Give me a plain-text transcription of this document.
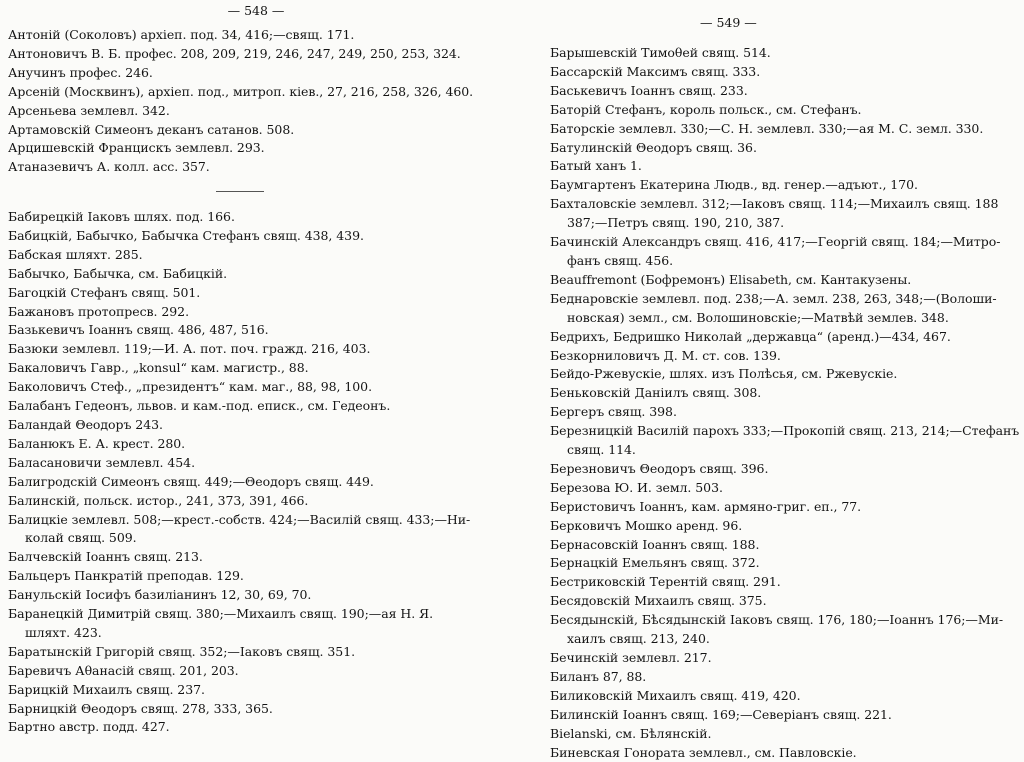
— 548 —
Антоній (Соколовъ) архіеп. под. 34, 416;—свящ. 171.
Антоновичъ В. Б. профес. 208, 209, 219, 246, 247, 249, 250, 253, 324.
Анучинъ профес. 246.
Арсеній (Москвинъ), архіеп. под., митроп. кіев., 27, 216, 258, 326, 460.
Арсеньева землевл. 342.
Артамовскій Симеонъ деканъ сатанов. 508.
Арцишевскій Францискъ землевл. 293.
Атаназевичъ А. колл. асс. 357.
Бабирецкій Іаковъ шлях. под. 166.
Бабицкій, Бабычко, Бабычка Стефанъ свящ. 438, 439.
Бабская шляхт. 285.
Бабычко, Бабычка, см. Бабицкій.
Багоцкій Стефанъ свящ. 501.
Бажановъ протопресв. 292.
Базькевичъ Іоаннъ свящ. 486, 487, 516.
Базюки землевл. 119;—И. А. пот. поч. гражд. 216, 403.
Бакаловичъ Гавр., „konsul“ кам. магистр., 88.
Баколовичъ Стеф., „президентъ“ кам. маг., 88, 98, 100.
Балабанъ Гедеонъ, львов. и кам.-под. еписк., см. Гедеонъ.
Баландай Θеодоръ 243.
Баланюкъ Е. А. крест. 280.
Баласановичи землевл. 454.
Балигродскій Симеонъ свящ. 449;—Θеодоръ свящ. 449.
Балинскій, польск. истор., 241, 373, 391, 466.
Балицкіе землевл. 508;—крест.-собств. 424;—Василій свящ. 433;—Ни-
колай свящ. 509.
Балчевскій Іоаннъ свящ. 213.
Бальцеръ Панкратій преподав. 129.
Банульскій Іосифъ базиліанинъ 12, 30, 69, 70.
Баранецкій Димитрій свящ. 380;—Михаилъ свящ. 190;—ая Н. Я.
шляхт. 423.
Баратынскій Григорій свящ. 352;—Іаковъ свящ. 351.
Баревичъ Аθанасій свящ. 201, 203.
Барицкій Михаилъ свящ. 237.
Барницкій Θеодоръ свящ. 278, 333, 365.
Бартно австр. подд. 427.
— 549 —
Барышевскій Тимоθей свящ. 514.
Бассарскій Максимъ свящ. 333.
Баськевичъ Іоаннъ свящ. 233.
Баторій Стефанъ, король польск., см. Стефанъ.
Баторскіе землевл. 330;—С. Н. землевл. 330;—ая М. С. земл. 330.
Батулинскій Θеодоръ свящ. 36.
Батый ханъ 1.
Баумгартенъ Екатерина Людв., вд. генер.—адъют., 170.
Бахталовскіе землевл. 312;—Іаковъ свящ. 114;—Михаилъ свящ. 188
387;—Петръ свящ. 190, 210, 387.
Бачинскій Александръ свящ. 416, 417;—Георгій свящ. 184;—Митро-
фанъ свящ. 456.
Beauffremont (Бофремонъ) Elisabeth, см. Кантакузены.
Беднаровскіе землевл. под. 238;—А. земл. 238, 263, 348;—(Волоши-
новская) земл., см. Волошиновскіе;—Матвѣй землев. 348.
Бедрихъ, Бедришко Николай „державца“ (аренд.)—434, 467.
Безкорниловичъ Д. М. ст. сов. 139.
Бейдо-Ржевускіе, шлях. изъ Полѣсья, см. Ржевускіе.
Беньковскій Даніилъ свящ. 308.
Бергеръ свящ. 398.
Березницкій Василій парохъ 333;—Прокопій свящ. 213, 214;—Стефанъ
свящ. 114.
Березновичъ Θеодоръ свящ. 396.
Березова Ю. И. земл. 503.
Беристовичъ Іоаннъ, кам. армяно-григ. еп., 77.
Берковичъ Мошко аренд. 96.
Бернасовскій Іоаннъ свящ. 188.
Бернацкій Емельянъ свящ. 372.
Бестриковскій Терентій свящ. 291.
Бесядовскій Михаилъ свящ. 375.
Бесядынскій, Бѣсядынскій Іаковъ свящ. 176, 180;—Іоаннъ 176;—Ми-
хаилъ свящ. 213, 240.
Бечинскій землевл. 217.
Биланъ 87, 88.
Биликовскій Михаилъ свящ. 419, 420.
Билинскій Іоаннъ свящ. 169;—Северіанъ свящ. 221.
Bielanski, см. Бѣлянскій.
Биневская Гонората землевл., см. Павловскіе.
